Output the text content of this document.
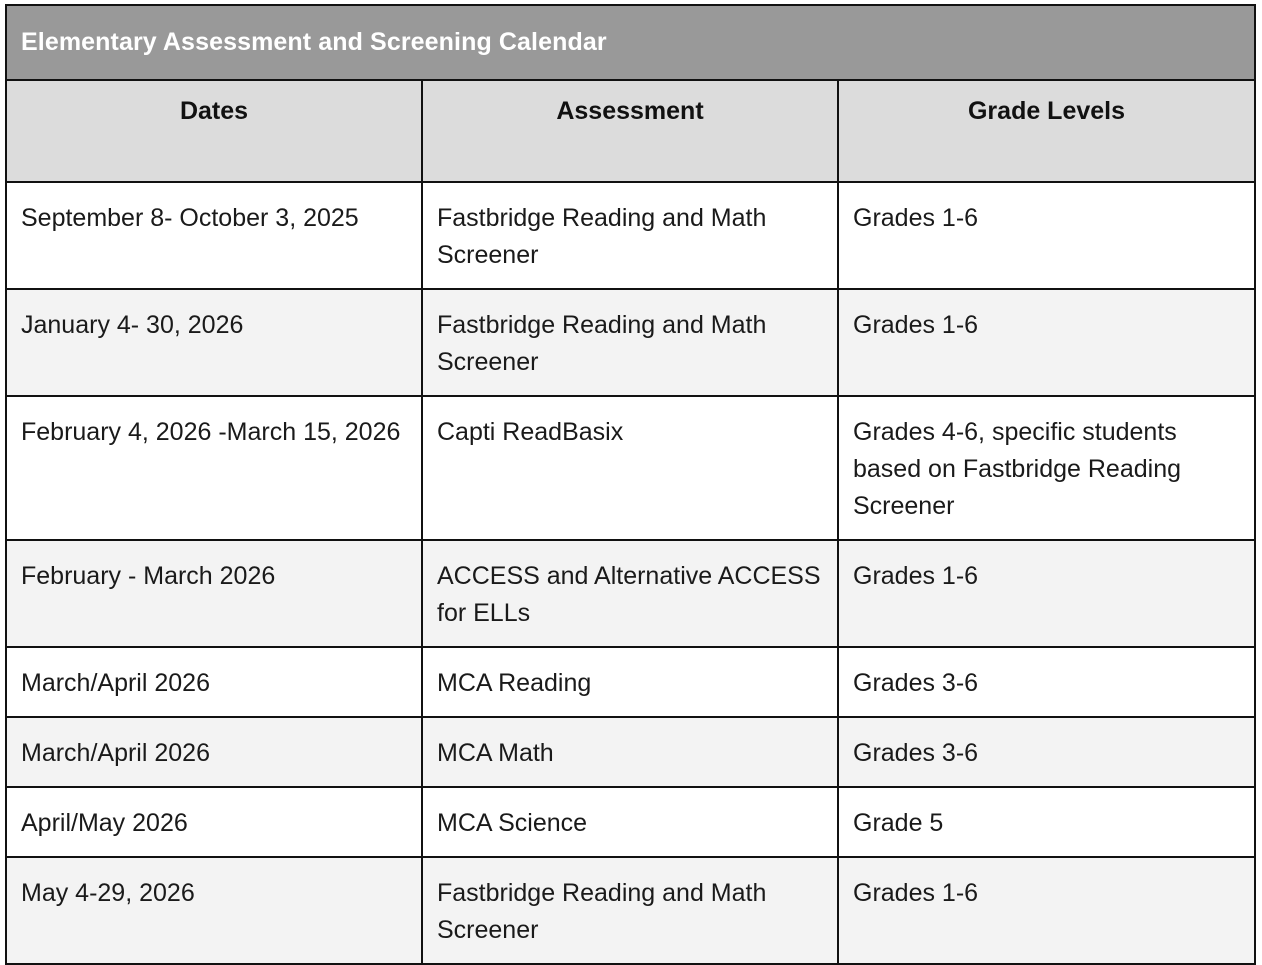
Elementary Assessment and Screening Calendar		
Dates	Assessment	Grade Levels
September 8- October 3, 2025	Fastbridge Reading and Math Screener	Grades 1-6
January 4- 30, 2026	Fastbridge Reading and Math Screener	Grades 1-6
February 4, 2026 -March 15, 2026	Capti ReadBasix	Grades 4-6, specific students based on Fastbridge Reading Screener
February - March 2026	ACCESS and Alternative ACCESS for ELLs	Grades 1-6
March/April 2026	MCA Reading	Grades 3-6
March/April 2026	MCA Math	Grades 3-6
April/May 2026	MCA Science	Grade 5
May 4-29, 2026	Fastbridge Reading and Math Screener	Grades 1-6
